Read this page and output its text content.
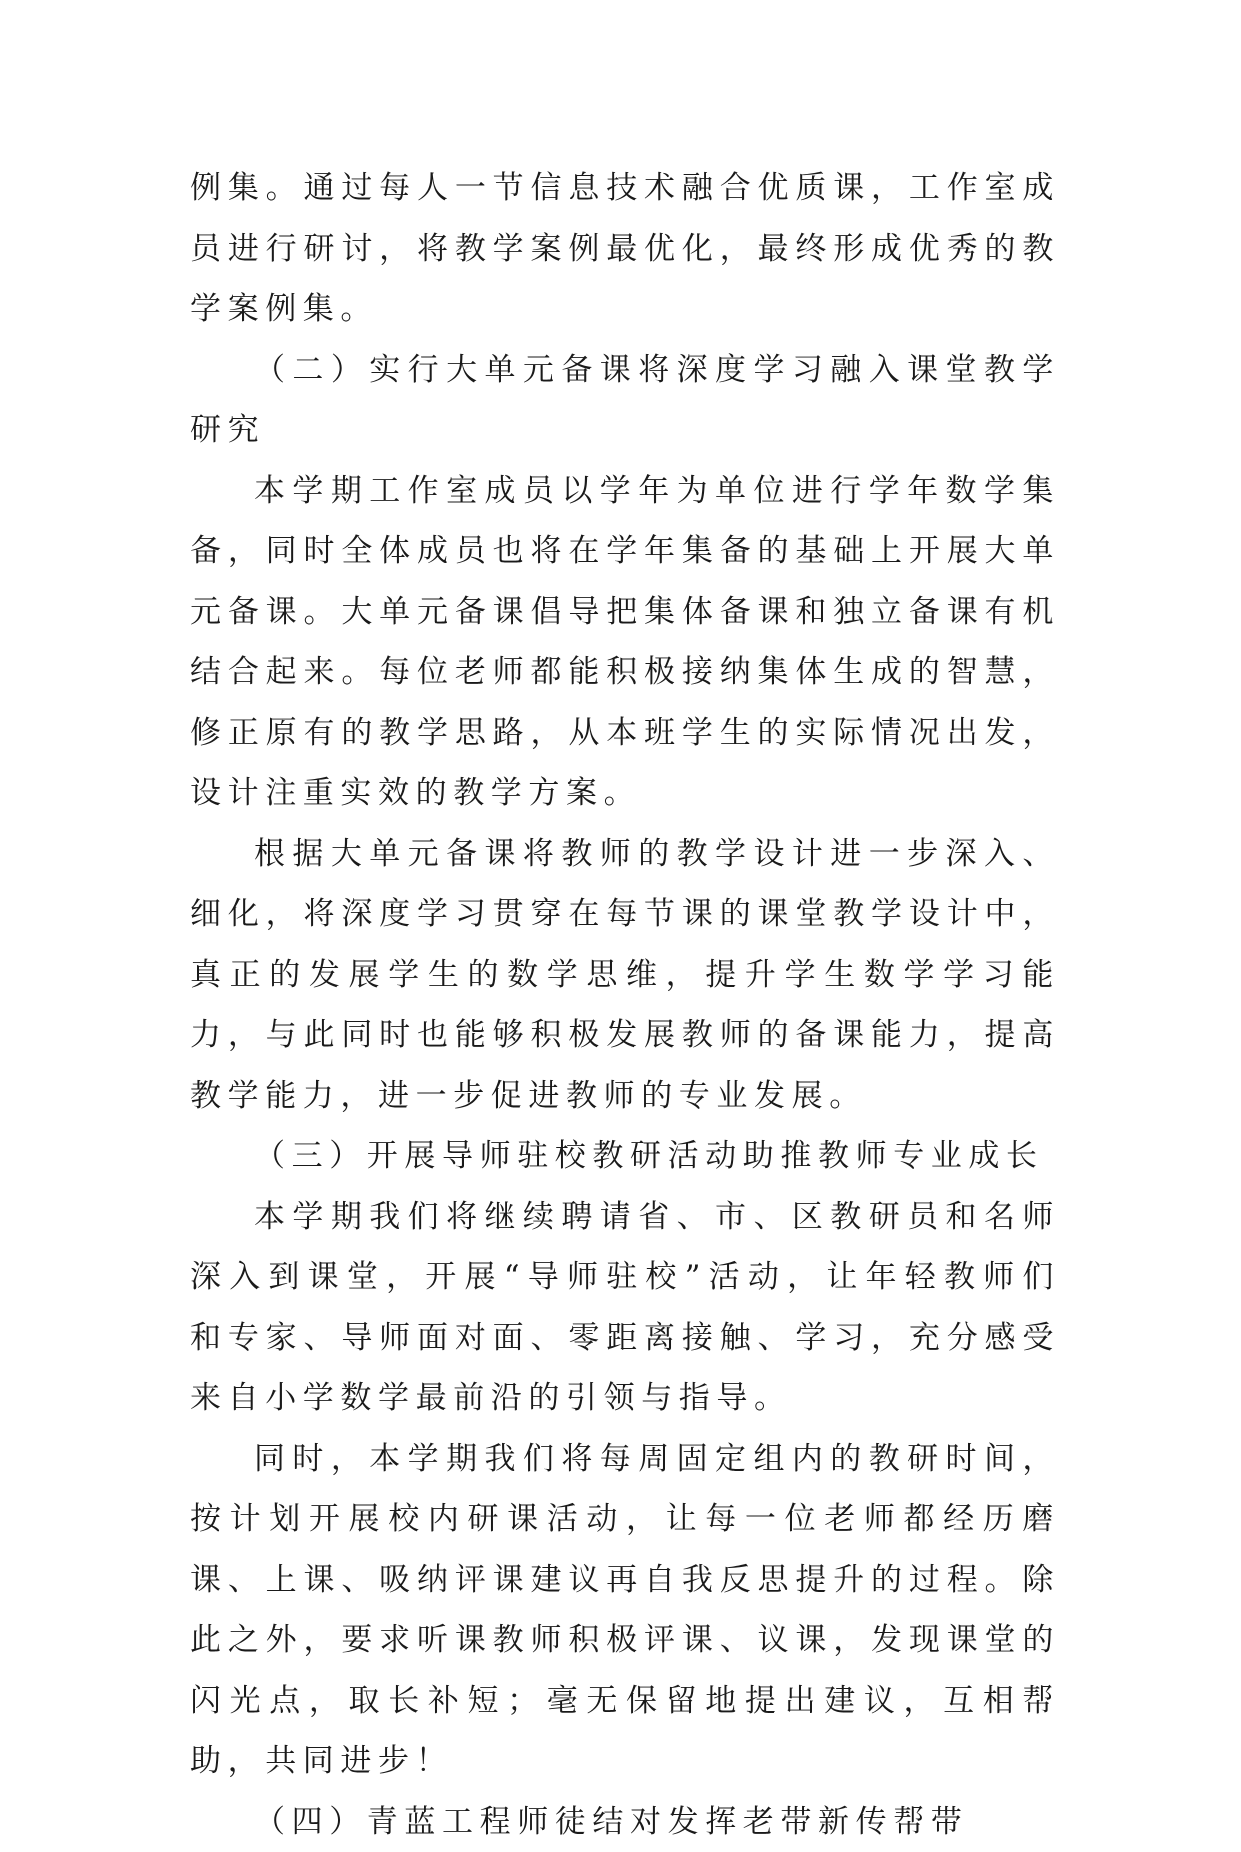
例集。通过每人一节信息技术融合优质课，工作室成员进行研讨，将教学案例最优化，最终形成优秀的教学案例集。

（二）实行大单元备课将深度学习融入课堂教学研究

本学期工作室成员以学年为单位进行学年数学集备，同时全体成员也将在学年集备的基础上开展大单元备课。大单元备课倡导把集体备课和独立备课有机结合起来。每位老师都能积极接纳集体生成的智慧，修正原有的教学思路，从本班学生的实际情况出发，设计注重实效的教学方案。

根据大单元备课将教师的教学设计进一步深入、细化，将深度学习贯穿在每节课的课堂教学设计中，真正的发展学生的数学思维，提升学生数学学习能力，与此同时也能够积极发展教师的备课能力，提高教学能力，进一步促进教师的专业发展。

（三）开展导师驻校教研活动助推教师专业成长

本学期我们将继续聘请省、市、区教研员和名师深入到课堂，开展“导师驻校”活动，让年轻教师们和专家、导师面对面、零距离接触、学习，充分感受来自小学数学最前沿的引领与指导。

同时，本学期我们将每周固定组内的教研时间，按计划开展校内研课活动，让每一位老师都经历磨课、上课、吸纳评课建议再自我反思提升的过程。除此之外，要求听课教师积极评课、议课，发现课堂的闪光点，取长补短；毫无保留地提出建议，互相帮助，共同进步！

（四）青蓝工程师徒结对发挥老带新传帮带
